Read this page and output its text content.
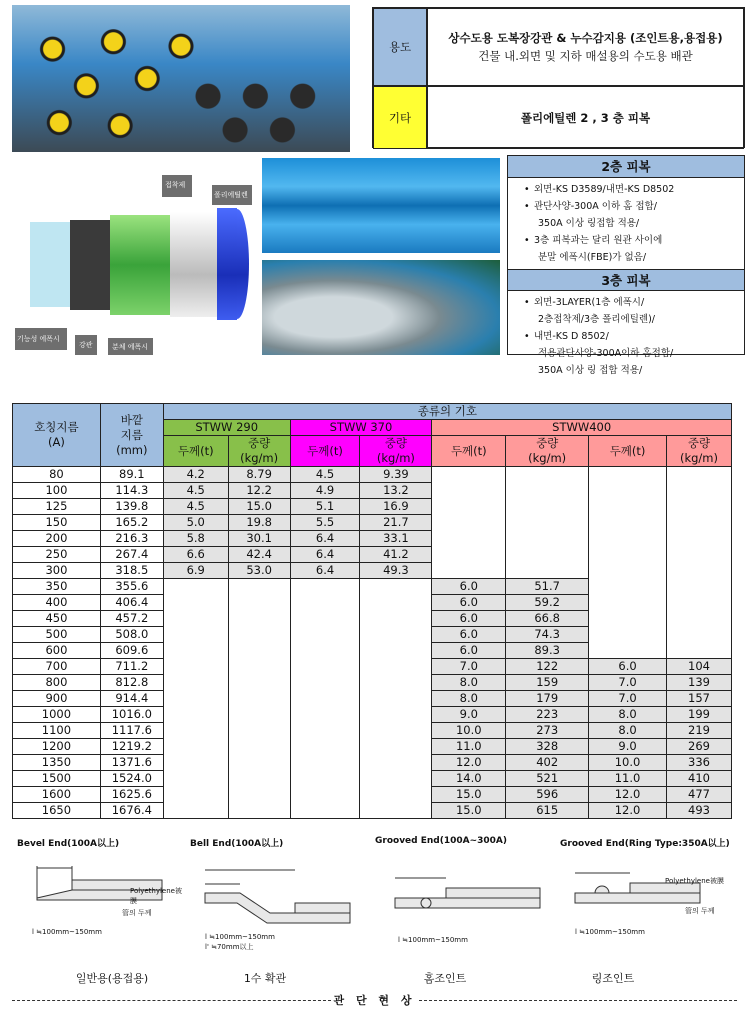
용도
상수도용 도복장강관 & 누수감지용 (조인트용,용접용)
건물 내.외면 및 지하 매설용의 수도용 배관
기타	폴리에틸렌 2 , 3 층 피복
접착제
폴리에틸렌
기능성 에폭시
강관	분체 에폭시
2층 피복
• 외면-KS D3589/내면-KS D8502
• 관단사양-300A 이하 홈 접합/
350A 이상 링접합 적용/
• 3층 피복과는 달리 원관 사이에
분말 에폭시(FBE)가 없음/
3층 피복
• 외면-3LAYER(1층 에폭시/
2층접착제/3층 폴리에틸렌)/
• 내면-KS D 8502/
적용관단사양-300A이하 홈접합/
350A 이상 링 접합 적용/
호칭지름
(A)	바깥
지름
(mm)	종류의 기호							
		STWW 290		STWW 370		STWW400			
		두께(t)	중량
(kg/m)	두께(t)	중량
(kg/m)	두께(t)	중량
(kg/m)	두께(t)	중량
(kg/m)
80	89.1	4.2	8.79	4.5	9.39				
100	114.3	4.5	12.2	4.9	13.2				
125	139.8	4.5	15.0	5.1	16.9				
150	165.2	5.0	19.8	5.5	21.7				
200	216.3	5.8	30.1	6.4	33.1				
250	267.4	6.6	42.4	6.4	41.2				
300	318.5	6.9	53.0	6.4	49.3				
350	355.6					6.0	51.7		
400	406.4					6.0	59.2		
450	457.2					6.0	66.8		
500	508.0					6.0	74.3		
600	609.6					6.0	89.3		
700	711.2					7.0	122	6.0	104
800	812.8					8.0	159	7.0	139
900	914.4					8.0	179	7.0	157
1000	1016.0					9.0	223	8.0	199
1100	1117.6					10.0	273	8.0	219
1200	1219.2					11.0	328	9.0	269
1350	1371.6					12.0	402	10.0	336
1500	1524.0					14.0	521	11.0	410
1600	1625.6					15.0	596	12.0	477
1650	1676.4					15.0	615	12.0	493
Bevel End(100A以上)
Polyethylene被膜
管의 두께
l ≒100mm~150mm
Bell End(100A以上)
l ≒100mm~150mm
l' ≒70mm以上
Grooved End(100A~300A)
l ≒100mm~150mm
Grooved End(Ring Type:350A以上)
Polyethylene被膜
管의 두께
l ≒100mm~150mm
일반용(용접용)	1수 확관	홈조인트	링조인트
관 단 현 상
